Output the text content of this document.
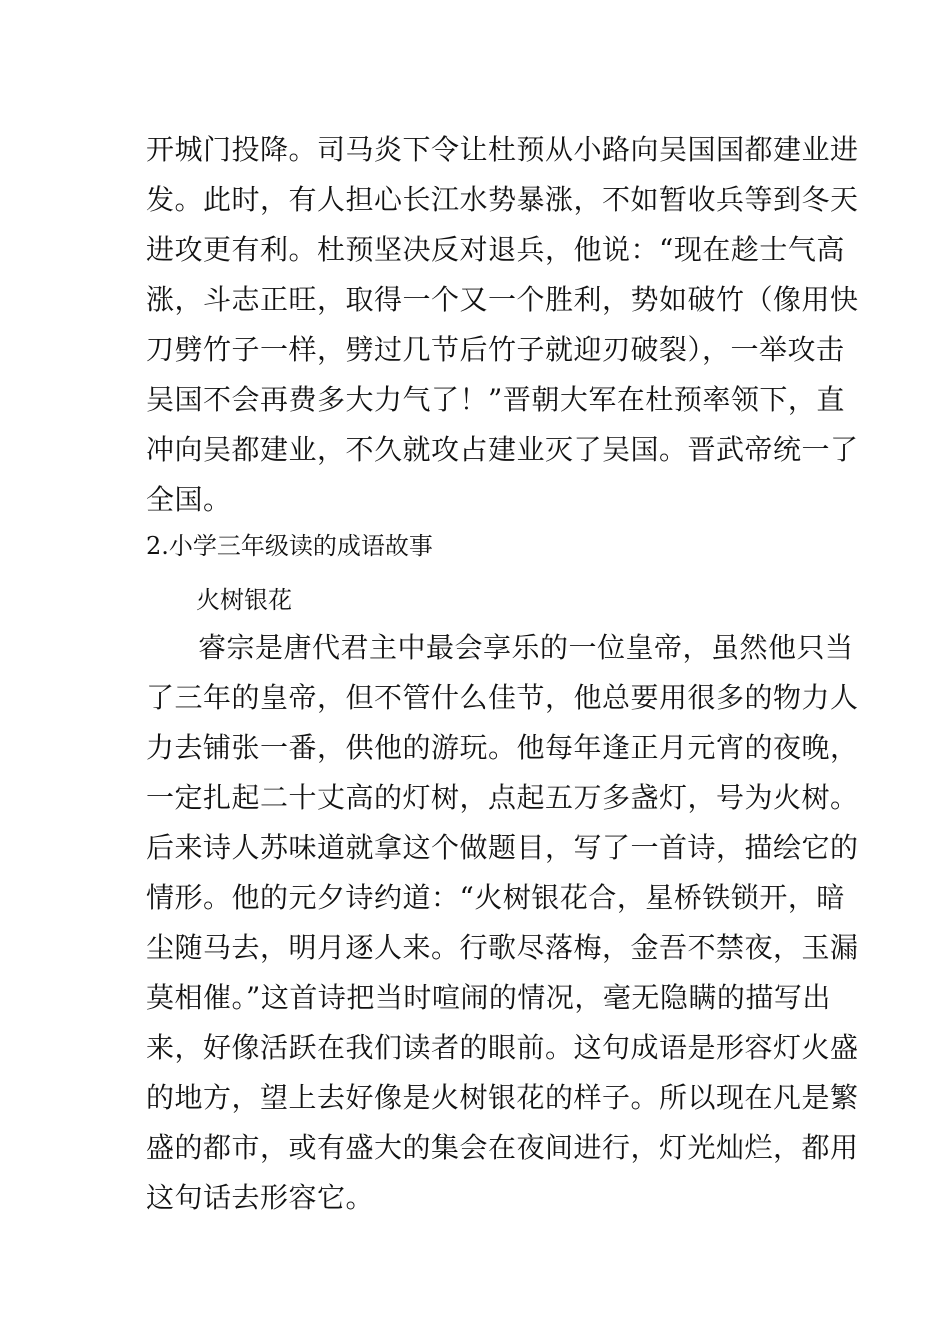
开城门投降。司马炎下令让杜预从小路向吴国国都建业进
发。此时，有人担心长江水势暴涨，不如暂收兵等到冬天
进攻更有利。杜预坚决反对退兵，他说：“现在趁士气高
涨，斗志正旺，取得一个又一个胜利，势如破竹（像用快
刀劈竹子一样，劈过几节后竹子就迎刃破裂），一举攻击
吴国不会再费多大力气了！”晋朝大军在杜预率领下，直
冲向吴都建业，不久就攻占建业灭了吴国。晋武帝统一了
全国。
2.小学三年级读的成语故事
火树银花
睿宗是唐代君主中最会享乐的一位皇帝，虽然他只当
了三年的皇帝，但不管什么佳节，他总要用很多的物力人
力去铺张一番，供他的游玩。他每年逢正月元宵的夜晚，
一定扎起二十丈高的灯树，点起五万多盏灯，号为火树。
后来诗人苏味道就拿这个做题目，写了一首诗，描绘它的
情形。他的元夕诗约道：“火树银花合，星桥铁锁开，暗
尘随马去，明月逐人来。行歌尽落梅，金吾不禁夜，玉漏
莫相催。”这首诗把当时喧闹的情况，毫无隐瞒的描写出
来，好像活跃在我们读者的眼前。这句成语是形容灯火盛
的地方，望上去好像是火树银花的样子。所以现在凡是繁
盛的都市，或有盛大的集会在夜间进行，灯光灿烂，都用
这句话去形容它。
